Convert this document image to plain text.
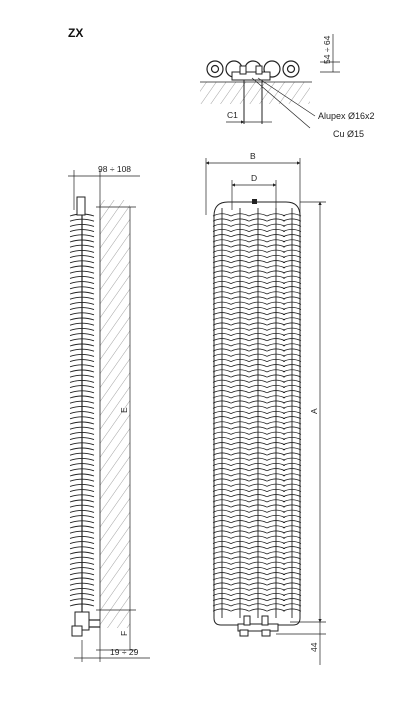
ZX
C1
54 ÷ 64
Alupex Ø16x2
Cu Ø15
98 ÷ 108
E
F
19 ÷ 29
B
D
A
44
